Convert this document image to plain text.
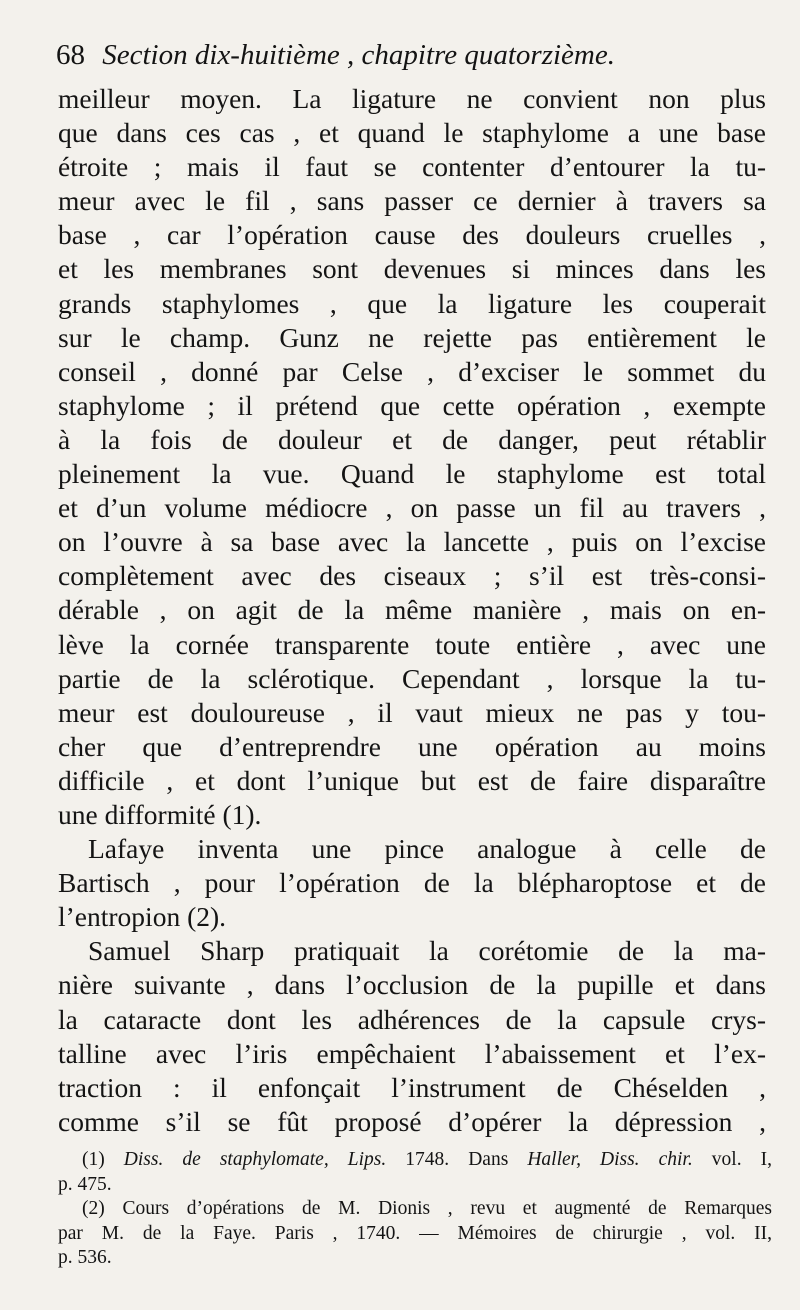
68 Section dix-huitième , chapitre quatorzième.
meilleur moyen. La ligature ne convient non plus
que dans ces cas , et quand le staphylome a une base
étroite ; mais il faut se contenter d’entourer la tu-
meur avec le fil , sans passer ce dernier à travers sa
base , car l’opération cause des douleurs cruelles ,
et les membranes sont devenues si minces dans les
grands staphylomes , que la ligature les couperait
sur le champ. Gunz ne rejette pas entièrement le
conseil , donné par Celse , d’exciser le sommet du
staphylome ; il prétend que cette opération , exempte
à la fois de douleur et de danger, peut rétablir
pleinement la vue. Quand le staphylome est total
et d’un volume médiocre , on passe un fil au travers ,
on l’ouvre à sa base avec la lancette , puis on l’excise
complètement avec des ciseaux ; s’il est très-consi-
dérable , on agit de la même manière , mais on en-
lève la cornée transparente toute entière , avec une
partie de la sclérotique. Cependant , lorsque la tu-
meur est douloureuse , il vaut mieux ne pas y tou-
cher que d’entreprendre une opération au moins
difficile , et dont l’unique but est de faire disparaître
une difformité (1).
Lafaye inventa une pince analogue à celle de
Bartisch , pour l’opération de la blépharoptose et de
l’entropion (2).
Samuel Sharp pratiquait la corétomie de la ma-
nière suivante , dans l’occlusion de la pupille et dans
la cataracte dont les adhérences de la capsule crys-
talline avec l’iris empêchaient l’abaissement et l’ex-
traction : il enfonçait l’instrument de Chéselden ,
comme s’il se fût proposé d’opérer la dépression ,
(1) Diss. de staphylomate, Lips. 1748. Dans Haller, Diss. chir. vol. I,
p. 475.
(2) Cours d’opérations de M. Dionis , revu et augmenté de Remarques
par M. de la Faye. Paris , 1740. — Mémoires de chirurgie , vol. II,
p. 536.
